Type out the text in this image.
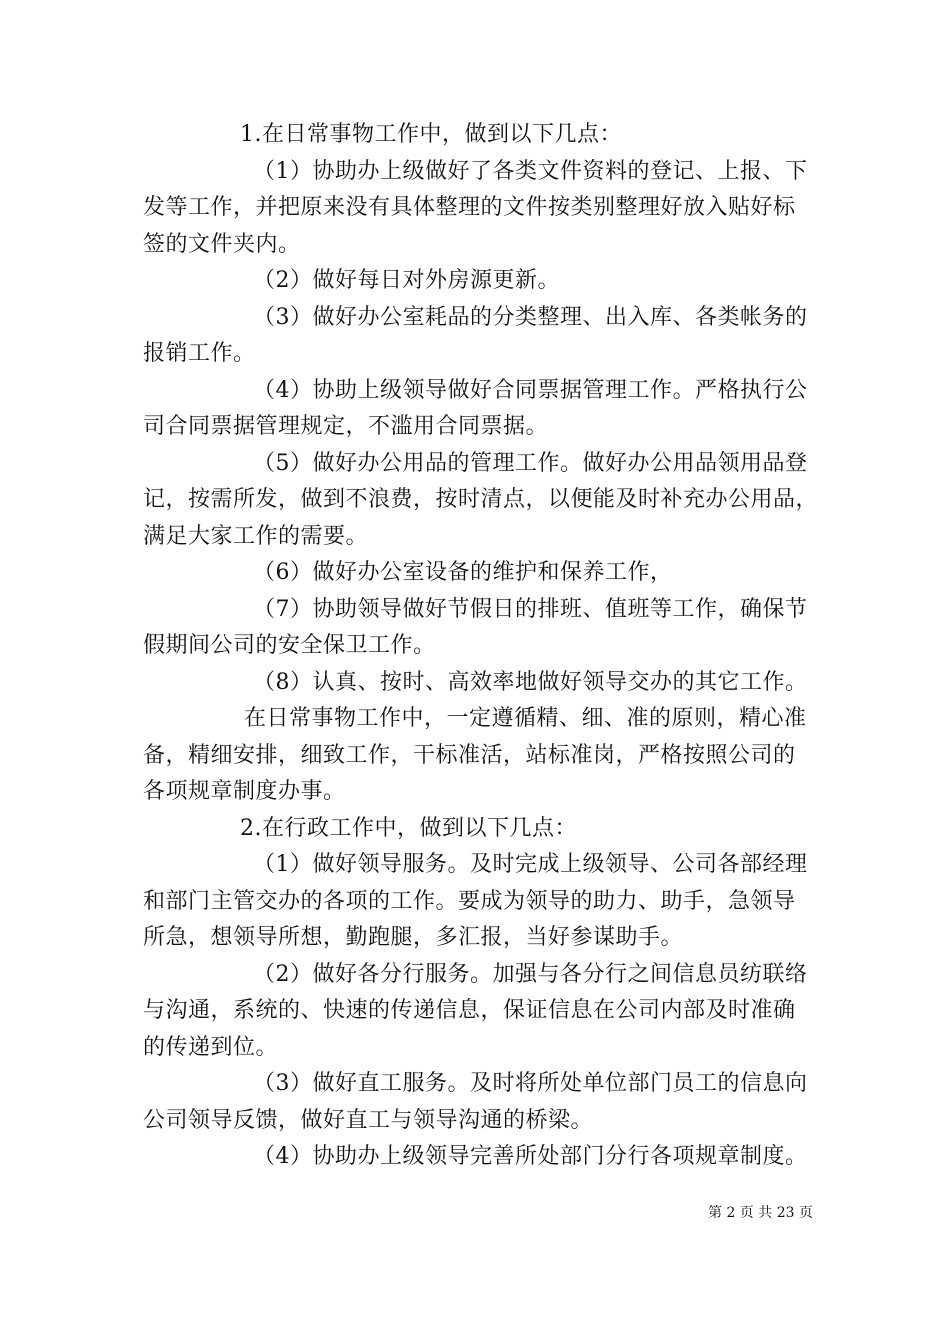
1.在日常事物工作中，做到以下几点：
（1）协助办上级做好了各类文件资料的登记、上报、下
发等工作，并把原来没有具体整理的文件按类别整理好放入贴好标
签的文件夹内。
（2）做好每日对外房源更新。
（3）做好办公室耗品的分类整理、出入库、各类帐务的
报销工作。
（4）协助上级领导做好合同票据管理工作。严格执行公
司合同票据管理规定，不滥用合同票据。
（5）做好办公用品的管理工作。做好办公用品领用品登
记，按需所发，做到不浪费，按时清点，以便能及时补充办公用品，
满足大家工作的需要。
（6）做好办公室设备的维护和保养工作，
（7）协助领导做好节假日的排班、值班等工作，确保节
假期间公司的安全保卫工作。
（8）认真、按时、高效率地做好领导交办的其它工作。
在日常事物工作中，一定遵循精、细、准的原则，精心准
备，精细安排，细致工作，干标准活，站标准岗，严格按照公司的
各项规章制度办事。
2.在行政工作中，做到以下几点：
（1）做好领导服务。及时完成上级领导、公司各部经理
和部门主管交办的各项的工作。要成为领导的助力、助手，急领导
所急，想领导所想，勤跑腿，多汇报，当好参谋助手。
（2）做好各分行服务。加强与各分行之间信息员纺联络
与沟通，系统的、快速的传递信息，保证信息在公司内部及时准确
的传递到位。
（3）做好直工服务。及时将所处单位部门员工的信息向
公司领导反馈，做好直工与领导沟通的桥梁。
（4）协助办上级领导完善所处部门分行各项规章制度。
第 2 页 共 23 页
